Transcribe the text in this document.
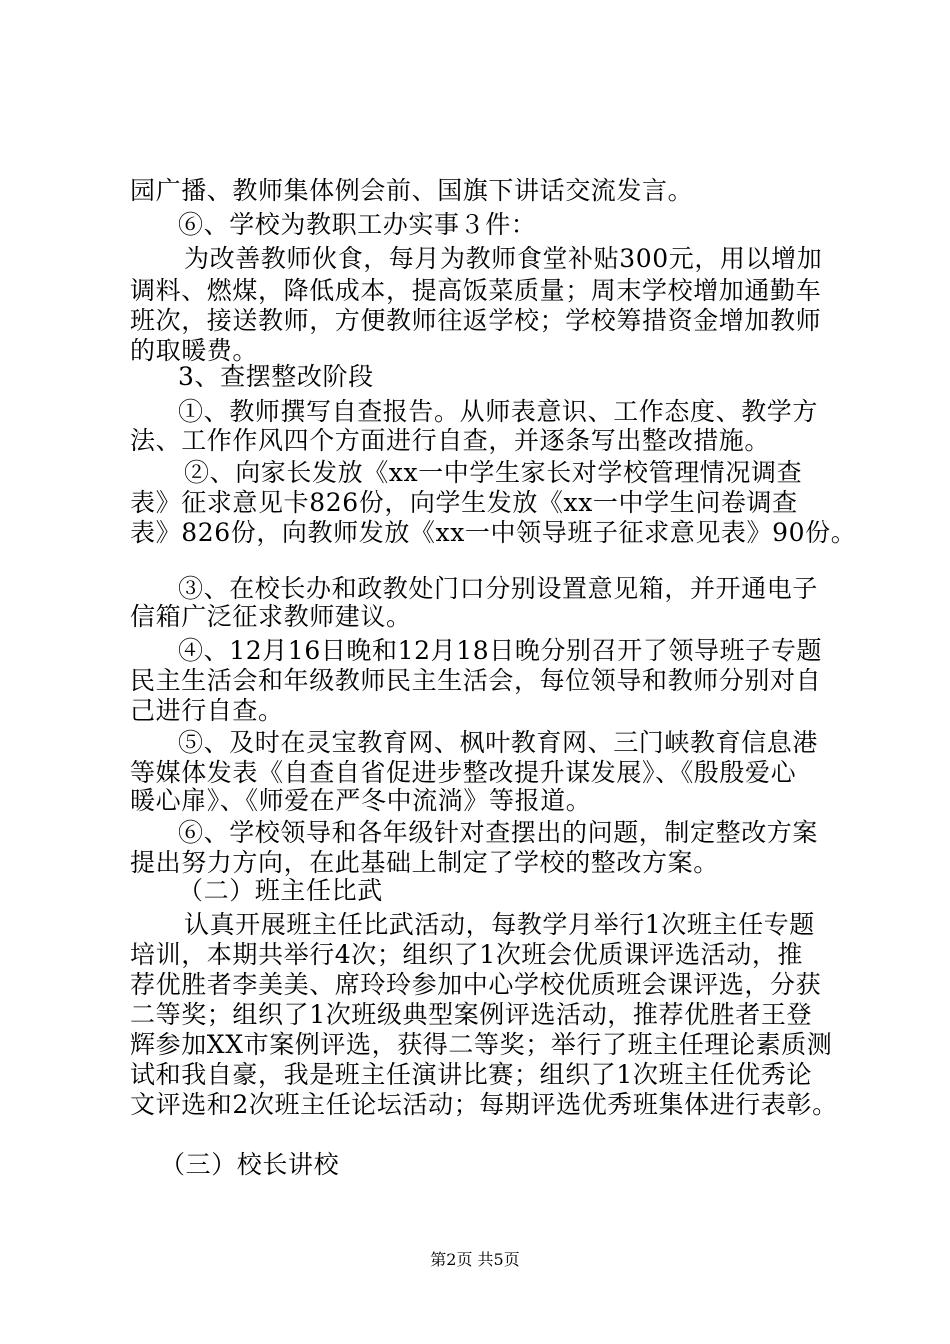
园广播、教师集体例会前、国旗下讲话交流发言。
⑥、学校为教职工办实事３件：
为改善教师伙食，每月为教师食堂补贴300元，用以增加
调料、燃煤，降低成本，提高饭菜质量；周末学校增加通勤车
班次，接送教师，方便教师往返学校；学校筹措资金增加教师
的取暖费。
3、查摆整改阶段
①、教师撰写自查报告。从师表意识、工作态度、教学方
法、工作作风四个方面进行自查，并逐条写出整改措施。
②、向家长发放《xx一中学生家长对学校管理情况调查
表》征求意见卡826份，向学生发放《xx一中学生问卷调查
表》826份，向教师发放《xx一中领导班子征求意见表》90份。
③、在校长办和政教处门口分别设置意见箱，并开通电子
信箱广泛征求教师建议。
④、12月16日晚和12月18日晚分别召开了领导班子专题
民主生活会和年级教师民主生活会，每位领导和教师分别对自
己进行自查。
⑤、及时在灵宝教育网、枫叶教育网、三门峡教育信息港
等媒体发表《自查自省促进步整改提升谋发展》、《殷殷爱心
暖心扉》、《师爱在严冬中流淌》等报道。
⑥、学校领导和各年级针对查摆出的问题，制定整改方案
提出努力方向，在此基础上制定了学校的整改方案。
（二）班主任比武
认真开展班主任比武活动，每教学月举行1次班主任专题
培训，本期共举行4次；组织了1次班会优质课评选活动，推
荐优胜者李美美、席玲玲参加中心学校优质班会课评选，分获
二等奖；组织了1次班级典型案例评选活动，推荐优胜者王登
辉参加XX市案例评选，获得二等奖；举行了班主任理论素质测
试和我自豪，我是班主任演讲比赛；组织了1次班主任优秀论
文评选和2次班主任论坛活动；每期评选优秀班集体进行表彰。
（三）校长讲校
第2页 共5页
